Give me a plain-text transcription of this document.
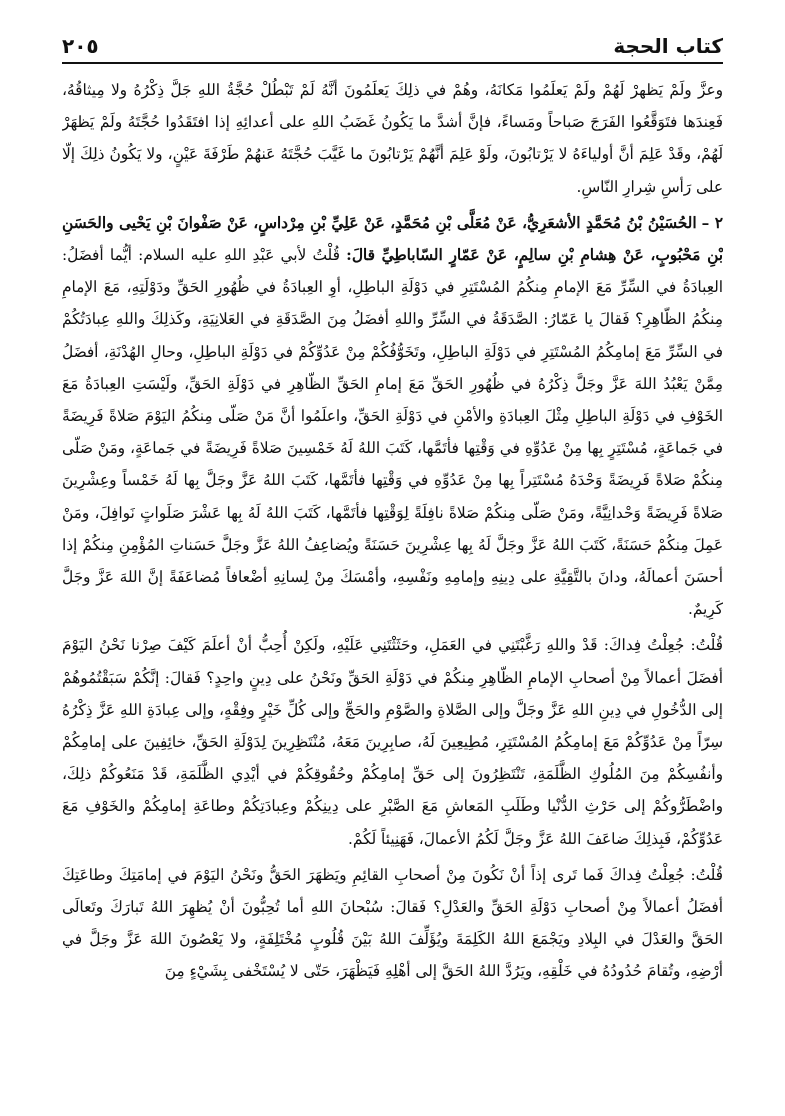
كتاب الحجة
٢٠٥

وعزَّ ولَمْ يَظهرْ لَهُمْ ولَمْ يَعلَمُوا مَكانَهُ، وهُمْ في ذلِكَ يَعلَمُونَ أنَّهُ لَمْ تَبْطُلْ حُجَّةُ اللهِ جَلَّ ذِكْرُهُ ولا مِيثاقُهُ، فَعِندَها فتَوَقَّعُوا الفَرَجَ صَباحاً ومَساءً، فإنَّ أشدَّ ما يَكُونُ غَضَبُ اللهِ على أعدائِهِ إذا افتَقَدُوا حُجَّتَهُ ولَمْ يَظهَرْ لَهُمْ، وقَدْ عَلِمَ أنَّ أولياءَهُ لا يَرْتابُونَ، ولَوْ عَلِمَ أنَّهُمْ يَرْتابُونَ ما غَيَّبَ حُجَّتَهُ عَنهُمْ طَرْفَةَ عَيْنٍ، ولا يَكُونُ ذلِكَ إلّا على رَأسِ شِرارِ النّاسِ.

٢ – الحُسَيْنُ بْنُ مُحَمَّدٍ الأشعَرِيُّ، عَنْ مُعَلَّى بْنِ مُحَمَّدٍ، عَنْ عَلِيِّ بْنِ مِرْداسٍ، عَنْ صَفْوانَ بْنِ يَحْيى والحَسَنِ بْنِ مَحْبُوبٍ، عَنْ هِشامِ بْنِ سالِمٍ، عَنْ عَمّارٍ السّاباطِيِّ قالَ: قُلْتُ لأبي عَبْدِ اللهِ عليه السلام: أيُّما أفضَلُ: العِبادَةُ في السِّرِّ مَعَ الإمامِ مِنكُمُ المُسْتَتِرِ في دَوْلَةِ الباطِلِ، أوِ العِبادَةُ في ظُهُورِ الحَقِّ ودَوْلَتِهِ، مَعَ الإمامِ مِنكُمُ الظّاهِرِ؟ فَقالَ يا عَمّارُ: الصَّدَقَةُ في السِّرِّ واللهِ أفضَلُ مِنَ الصَّدَقَةِ في العَلانِيَةِ، وكَذلِكَ واللهِ عِبادَتُكُمْ في السِّرِّ مَعَ إمامِكُمُ المُسْتَتِرِ في دَوْلَةِ الباطِلِ، وتَخَوُّفُكُمْ مِنْ عَدُوِّكُمْ في دَوْلَةِ الباطِلِ، وحالِ الهُدْنَةِ، أفضَلُ مِمَّنْ يَعْبُدُ اللهَ عَزَّ وجَلَّ ذِكْرُهُ في ظُهُورِ الحَقِّ مَعَ إمامِ الحَقِّ الظّاهِرِ في دَوْلَةِ الحَقِّ، ولَيْسَتِ العِبادَةُ مَعَ الخَوْفِ في دَوْلَةِ الباطِلِ مِثْلَ العِبادَةِ والأمْنِ في دَوْلَةِ الحَقِّ، واعلَمُوا أنَّ مَنْ صَلّى مِنكُمُ اليَوْمَ صَلاةً فَرِيضَةً في جَماعَةٍ، مُسْتَتِرٍ بِها مِنْ عَدُوِّهِ في وَقْتِها فأتَمَّها، كَتَبَ اللهُ لَهُ خَمْسِينَ صَلاةً فَرِيضَةً في جَماعَةٍ، ومَنْ صَلّى مِنكُمْ صَلاةً فَرِيضَةً وَحْدَهُ مُسْتَتِراً بِها مِنْ عَدُوِّهِ في وَقْتِها فأتَمَّها، كَتَبَ اللهُ عَزَّ وجَلَّ بِها لَهُ خَمْساً وعِشْرِينَ صَلاةً فَرِيضَةً وَحْدانِيَّةً، ومَنْ صَلّى مِنكُمْ صَلاةً نافِلَةً لِوَقْتِها فأتَمَّها، كَتَبَ اللهُ لَهُ بِها عَشْرَ صَلَواتٍ نَوافِلَ، ومَنْ عَمِلَ مِنكُمْ حَسَنَةً، كَتَبَ اللهُ عَزَّ وجَلَّ لَهُ بِها عِشْرِينَ حَسَنَةً ويُضاعِفُ اللهُ عَزَّ وجَلَّ حَسَناتِ المُؤْمِنِ مِنكُمْ إذا أحسَنَ أعمالَهُ، ودانَ بالتَّقِيَّةِ على دِينِهِ وإمامِهِ ونَفْسِهِ، وأمْسَكَ مِنْ لِسانِهِ أضْعافاً مُضاعَفَةً إنَّ اللهَ عَزَّ وجَلَّ كَرِيمٌ.

قُلْتُ: جُعِلْتُ فِداكَ: قَدْ واللهِ رَغَّبْتَنِي في العَمَلِ، وحَثَثْتَنِي عَلَيْهِ، ولَكِنْ أُحِبُّ أنْ أعلَمَ كَيْفَ صِرْنا نَحْنُ اليَوْمَ أفضَلَ أعمالاً مِنْ أصحابِ الإمامِ الظّاهِرِ مِنكُمْ في دَوْلَةِ الحَقِّ ونَحْنُ على دِينٍ واحِدٍ؟ فَقالَ: إنَّكُمْ سَبَقْتُمُوهُمْ إلى الدُّخُولِ في دِينِ اللهِ عَزَّ وجَلَّ وإلى الصَّلاةِ والصَّوْمِ والحَجِّ وإلى كُلِّ خَيْرٍ وفِقْهٍ، وإلى عِبادَةِ اللهِ عَزَّ ذِكْرُهُ سِرّاً مِنْ عَدُوِّكُمْ مَعَ إمامِكُمُ المُسْتَتِرِ، مُطِيعِينَ لَهُ، صابِرِينَ مَعَهُ، مُنْتَظِرِينَ لِدَوْلَةِ الحَقِّ، خائِفِينَ على إمامِكُمْ وأنفُسِكُمْ مِنَ المُلُوكِ الظَّلَمَةِ، تَنْتَظِرُونَ إلى حَقِّ إمامِكُمْ وحُقُوقِكُمْ في أيْدِي الظَّلَمَةِ، قَدْ مَنَعُوكُمْ ذلِكَ، واضْطَرُّوكُمْ إلى حَرْثِ الدُّنْيا وطَلَبِ المَعاشِ مَعَ الصَّبْرِ على دِينِكُمْ وعِبادَتِكُمْ وطاعَةِ إمامِكُمْ والخَوْفِ مَعَ عَدُوِّكُمْ، فَبِذلِكَ ضاعَفَ اللهُ عَزَّ وجَلَّ لَكُمُ الأعمالَ، فَهَنِيئاً لَكُمْ.

قُلْتُ: جُعِلْتُ فِداكَ فَما تَرى إذاً أنْ نَكُونَ مِنْ أصحابِ القائِمِ ويَظهَرَ الحَقُّ ونَحْنُ اليَوْمَ في إمامَتِكَ وطاعَتِكَ أفضَلُ أعمالاً مِنْ أصحابِ دَوْلَةِ الحَقِّ والعَدْلِ؟ فَقالَ: سُبْحانَ اللهِ أما تُحِبُّونَ أنْ يُظهِرَ اللهُ تَبارَكَ وتَعالَى الحَقَّ والعَدْلَ في البِلادِ ويَجْمَعَ اللهُ الكَلِمَةَ ويُؤَلِّفَ اللهُ بَيْنَ قُلُوبٍ مُخْتَلِفَةٍ، ولا يَعْصُونَ اللهَ عَزَّ وجَلَّ في أرْضِهِ، وتُقامَ حُدُودُهُ في خَلْقِهِ، ويَرُدَّ اللهُ الحَقَّ إلى أهْلِهِ فَيَظْهَرَ، حَتّى لا يُسْتَخْفى بِشَيْءٍ مِنَ
